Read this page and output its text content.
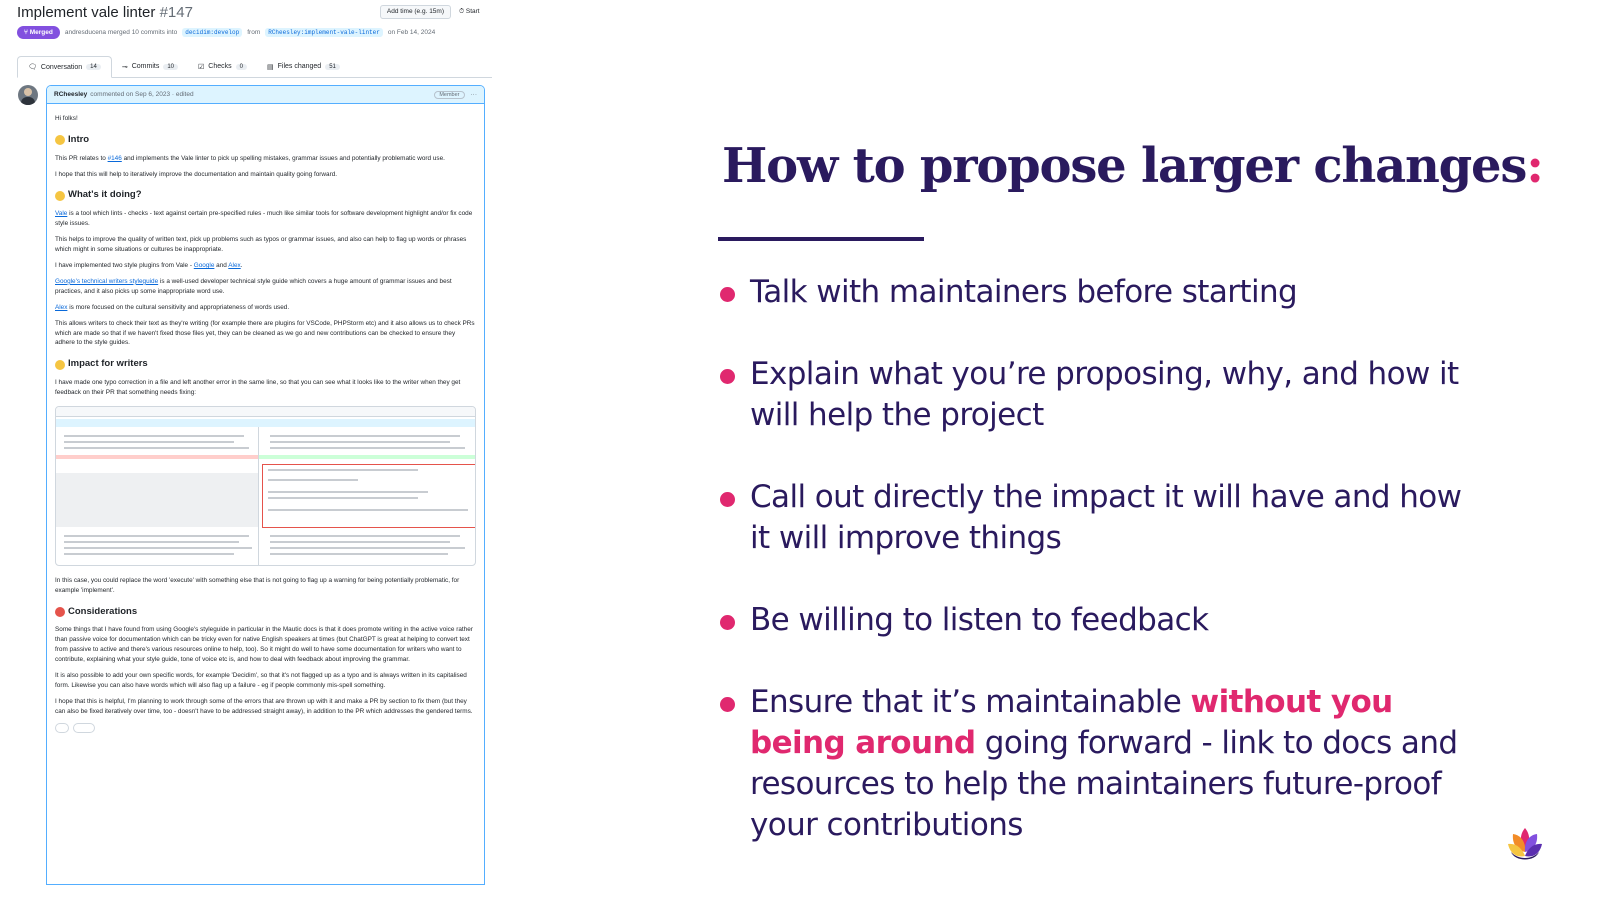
Implement vale linter #147	Add time (e.g. 15m)	⏱ Start
⑂ Merged	andresducena merged 10 commits into	decidim:develop	from	RCheesley:implement-vale-linter	on Feb 14, 2024
🗨 Conversation	14	⊸ Commits	10	☑ Checks	0	▤ Files changed	51
RCheesley commented on Sep 6, 2023 · edited	Member	···

Hi folks!

Intro

This PR relates to #146 and implements the Vale linter to pick up spelling mistakes, grammar issues and potentially problematic word use.

I hope that this will help to iteratively improve the documentation and maintain quality going forward.

What's it doing?

Vale is a tool which lints - checks - text against certain pre-specified rules - much like similar tools for software development highlight and/or fix code style issues.

This helps to improve the quality of written text, pick up problems such as typos or grammar issues, and also can help to flag up words or phrases which might in some situations or cultures be inappropriate.

I have implemented two style plugins from Vale - Google and Alex.

Google's technical writers styleguide is a well-used developer technical style guide which covers a huge amount of grammar issues and best practices, and it also picks up some inappropriate word use.

Alex is more focused on the cultural sensitivity and appropriateness of words used.

This allows writers to check their text as they're writing (for example there are plugins for VSCode, PHPStorm etc) and it also allows us to check PRs which are made so that if we haven't fixed those files yet, they can be cleaned as we go and new contributions can be checked to ensure they adhere to the style guides.

Impact for writers

I have made one typo correction in a file and left another error in the same line, so that you can see what it looks like to the writer when they get feedback on their PR that something needs fixing:

In this case, you could replace the word 'execute' with something else that is not going to flag up a warning for being potentially problematic, for example 'implement'.

Considerations

Some things that I have found from using Google's styleguide in particular in the Mautic docs is that it does promote writing in the active voice rather than passive voice for documentation which can be tricky even for native English speakers at times (but ChatGPT is great at helping to convert text from passive to active and there's various resources online to help, too). So it might do well to have some documentation for writers who want to contribute, explaining what your style guide, tone of voice etc is, and how to deal with feedback about improving the grammar.

It is also possible to add your own specific words, for example 'Decidim', so that it's not flagged up as a typo and is always written in its capitalised form. Likewise you can also have words which will also flag up a failure - eg if people commonly mis-spell something.

I hope that this is helpful, I'm planning to work through some of the errors that are thrown up with it and make a PR by section to fix them (but they can also be fixed iteratively over time, too - doesn't have to be addressed straight away), in addition to the PR which addresses the gendered terms.

How to propose larger changes:
Talk with maintainers before starting
Explain what you’re proposing, why, and how it will help the project
Call out directly the impact it will have and how it will improve things
Be willing to listen to feedback
Ensure that it’s maintainable without you being around going forward - link to docs and resources to help the maintainers future-proof your contributions
